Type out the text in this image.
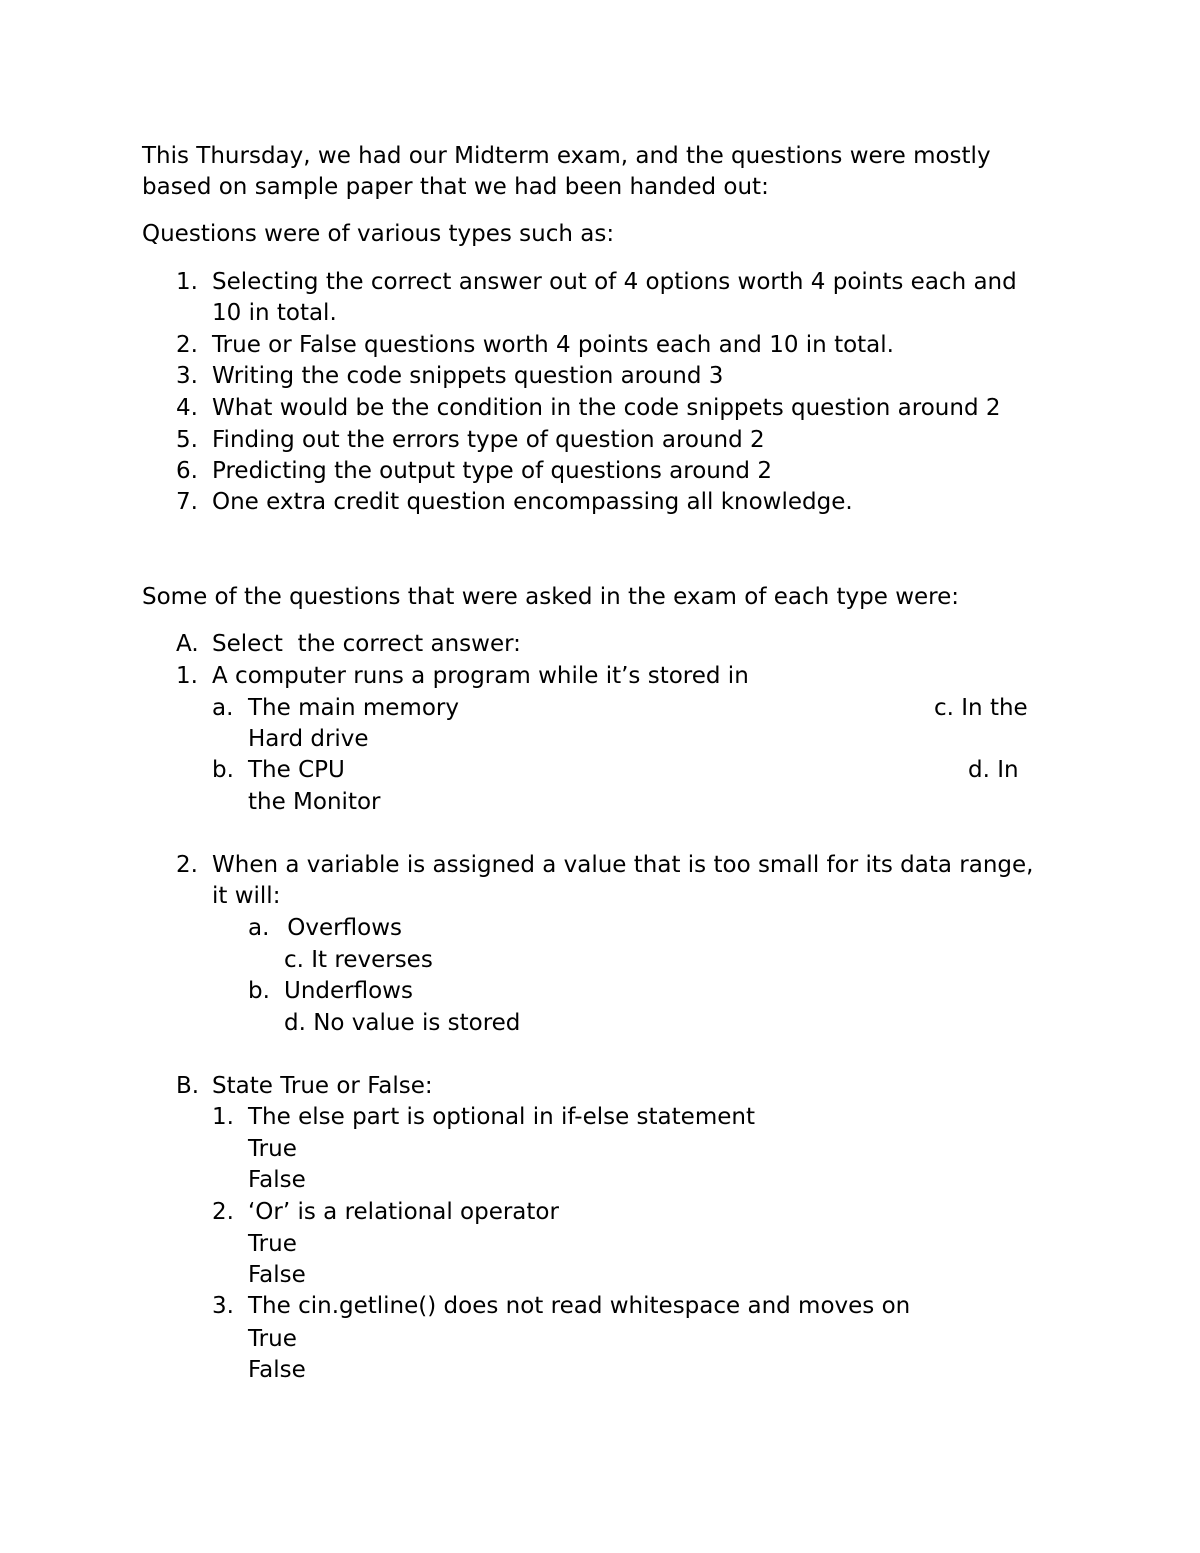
This Thursday, we had our Midterm exam, and the questions were mostly
based on sample paper that we had been handed out:
Questions were of various types such as:
1. Selecting the correct answer out of 4 options worth 4 points each and
10 in total.
2. True or False questions worth 4 points each and 10 in total.
3. Writing the code snippets question around 3
4. What would be the condition in the code snippets question around 2
5. Finding out the errors type of question around 2
6. Predicting the output type of questions around 2
7. One extra credit question encompassing all knowledge.
Some of the questions that were asked in the exam of each type were:
A. Select  the correct answer:
1. A computer runs a program while it’s stored in
a. The main memory	c. In the
Hard drive
b. The CPU	d. In
the Monitor
2. When a variable is assigned a value that is too small for its data range,
it will:
a. Overflows
c. It reverses
b. Underflows
d. No value is stored
B. State True or False:
1. The else part is optional in if-else statement
True
False
2. ‘Or’ is a relational operator
True
False
3. The cin.getline() does not read whitespace and moves on
True
False
